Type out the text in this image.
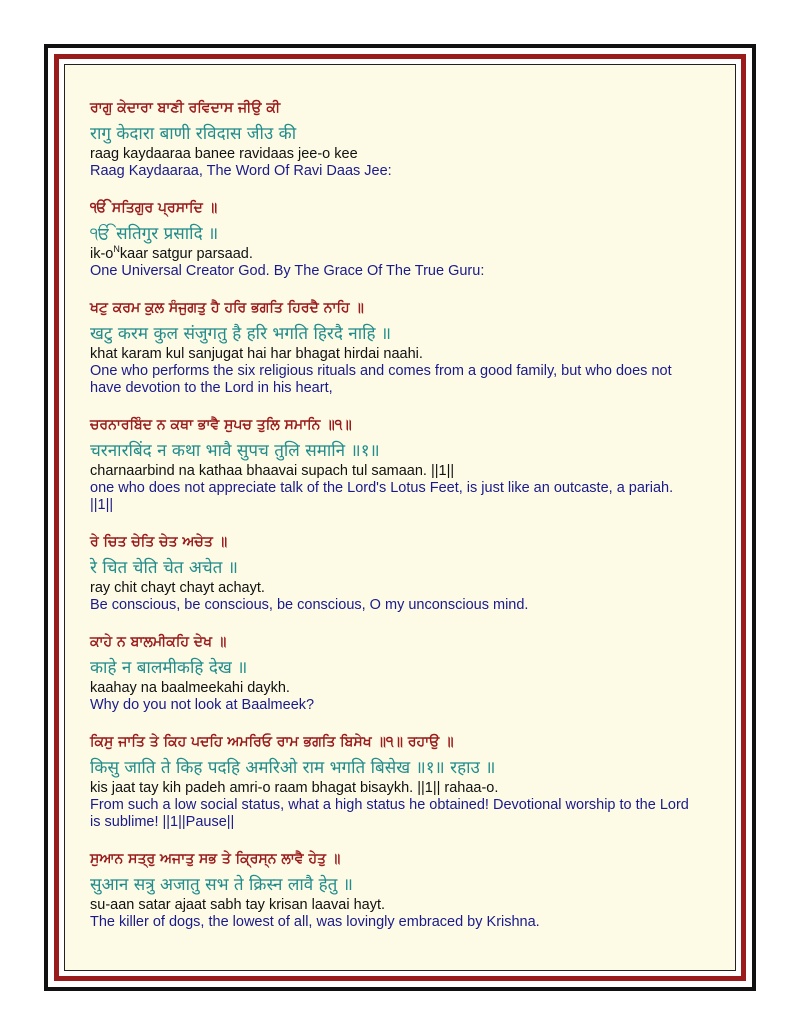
ਰਾਗੁ ਕੇਦਾਰਾ ਬਾਣੀ ਰਵਿਦਾਸ ਜੀਉ ਕੀ
रागु केदारा बाणी रविदास जीउ की
raag kaydaaraa banee ravidaas jee-o kee
Raag Kaydaaraa, The Word Of Ravi Daas Jee:
ੴ ਸਤਿਗੁਰ ਪ੍ਰਸਾਦਿ ॥
ੴ सतिगुर प्रसादि ॥
$ik-o^Nkaar$ satgur parsaad.
One Universal Creator God. By The Grace Of The True Guru:
ਖਟੁ ਕਰਮ ਕੁਲ ਸੰਜੁਗਤੁ ਹੈ ਹਰਿ ਭਗਤਿ ਹਿਰਦੈ ਨਾਹਿ ॥
खटु करम कुल संजुगतु है हरि भगति हिरदै नाहि ॥
khat karam kul sanjugat hai har bhagat hirdai naahi.
One who performs the six religious rituals and comes from a good family, but who does not have devotion to the Lord in his heart,
ਚਰਨਾਰਬਿੰਦ ਨ ਕਥਾ ਭਾਵੈ ਸੁਪਚ ਤੁਲਿ ਸਮਾਨਿ ॥੧॥
चरनारबिंद न कथा भावै सुपच तुलि समानि ॥१॥
charnaarbind na kathaa bhaavai supach tul samaan. ||1||
one who does not appreciate talk of the Lord's Lotus Feet, is just like an outcaste, a pariah. ||1||
ਰੇ ਚਿਤ ਚੇਤਿ ਚੇਤ ਅਚੇਤ ॥
रे चित चेति चेत अचेत ॥
ray chit chayt chayt achayt.
Be conscious, be conscious, be conscious, O my unconscious mind.
ਕਾਹੇ ਨ ਬਾਲਮੀਕਹਿ ਦੇਖ ॥
काहे न बालमीकहि देख ॥
kaahay na baalmeekahi daykh.
Why do you not look at Baalmeek?
ਕਿਸੁ ਜਾਤਿ ਤੇ ਕਿਹ ਪਦਹਿ ਅਮਰਿਓ ਰਾਮ ਭਗਤਿ ਬਿਸੇਖ ॥੧॥ ਰਹਾਉ ॥
किसु जाति ते किह पदहि अमरिओ राम भगति बिसेख ॥१॥ रहाउ ॥
kis jaat tay kih padeh amri-o raam bhagat bisaykh. ||1|| rahaa-o.
From such a low social status, what a high status he obtained! Devotional worship to the Lord is sublime! ||1||Pause||
ਸੁਆਨ ਸਤ੍ਰੁ ਅਜਾਤੁ ਸਭ ਤੇ ਕ੍ਰਿਸ੍ਨ ਲਾਵੈ ਹੇਤੁ ॥
सुआन सत्रु अजातु सभ ते क्रिस्न लावै हेतु ॥
su-aan satar ajaat sabh tay krisan laavai hayt.
The killer of dogs, the lowest of all, was lovingly embraced by Krishna.
